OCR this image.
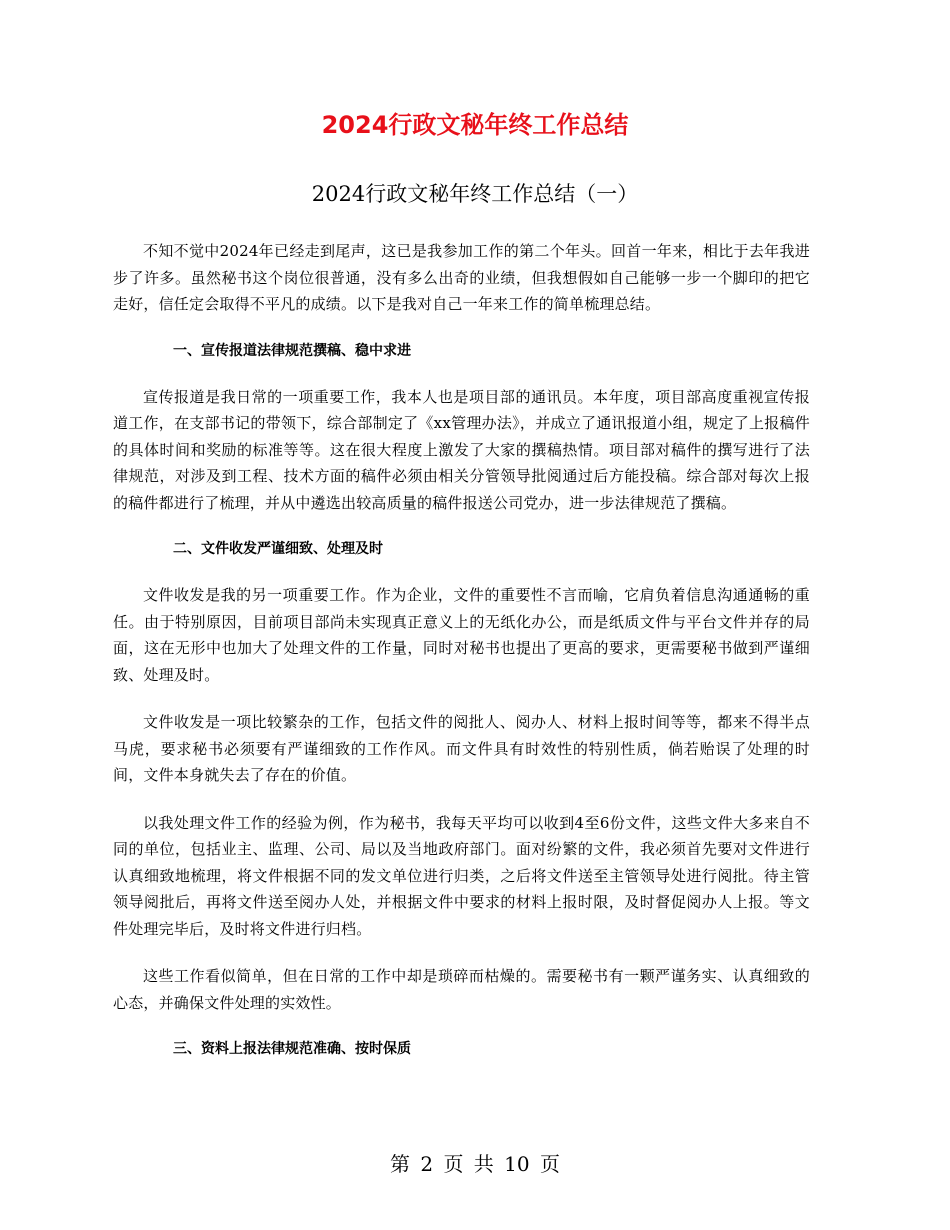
2024行政文秘年终工作总结
2024行政文秘年终工作总结（一）

不知不觉中2024年已经走到尾声，这已是我参加工作的第二个年头。回首一年来，相比于去年我进步了许多。虽然秘书这个岗位很普通，没有多么出奇的业绩，但我想假如自己能够一步一个脚印的把它走好，信任定会取得不平凡的成绩。以下是我对自己一年来工作的简单梳理总结。

一、宣传报道法律规范撰稿、稳中求进

宣传报道是我日常的一项重要工作，我本人也是项目部的通讯员。本年度，项目部高度重视宣传报道工作，在支部书记的带领下，综合部制定了《xx管理办法》，并成立了通讯报道小组，规定了上报稿件的具体时间和奖励的标准等等。这在很大程度上激发了大家的撰稿热情。项目部对稿件的撰写进行了法律规范，对涉及到工程、技术方面的稿件必须由相关分管领导批阅通过后方能投稿。综合部对每次上报的稿件都进行了梳理，并从中遴选出较高质量的稿件报送公司党办，进一步法律规范了撰稿。

二、文件收发严谨细致、处理及时

文件收发是我的另一项重要工作。作为企业，文件的重要性不言而喻，它肩负着信息沟通通畅的重任。由于特别原因，目前项目部尚未实现真正意义上的无纸化办公，而是纸质文件与平台文件并存的局面，这在无形中也加大了处理文件的工作量，同时对秘书也提出了更高的要求，更需要秘书做到严谨细致、处理及时。

文件收发是一项比较繁杂的工作，包括文件的阅批人、阅办人、材料上报时间等等，都来不得半点马虎，要求秘书必须要有严谨细致的工作作风。而文件具有时效性的特别性质，倘若贻误了处理的时间，文件本身就失去了存在的价值。

以我处理文件工作的经验为例，作为秘书，我每天平均可以收到4至6份文件，这些文件大多来自不同的单位，包括业主、监理、公司、局以及当地政府部门。面对纷繁的文件，我必须首先要对文件进行认真细致地梳理，将文件根据不同的发文单位进行归类，之后将文件送至主管领导处进行阅批。待主管领导阅批后，再将文件送至阅办人处，并根据文件中要求的材料上报时限，及时督促阅办人上报。等文件处理完毕后，及时将文件进行归档。

这些工作看似简单，但在日常的工作中却是琐碎而枯燥的。需要秘书有一颗严谨务实、认真细致的心态，并确保文件处理的实效性。

三、资料上报法律规范准确、按时保质
第 2 页 共 10 页
